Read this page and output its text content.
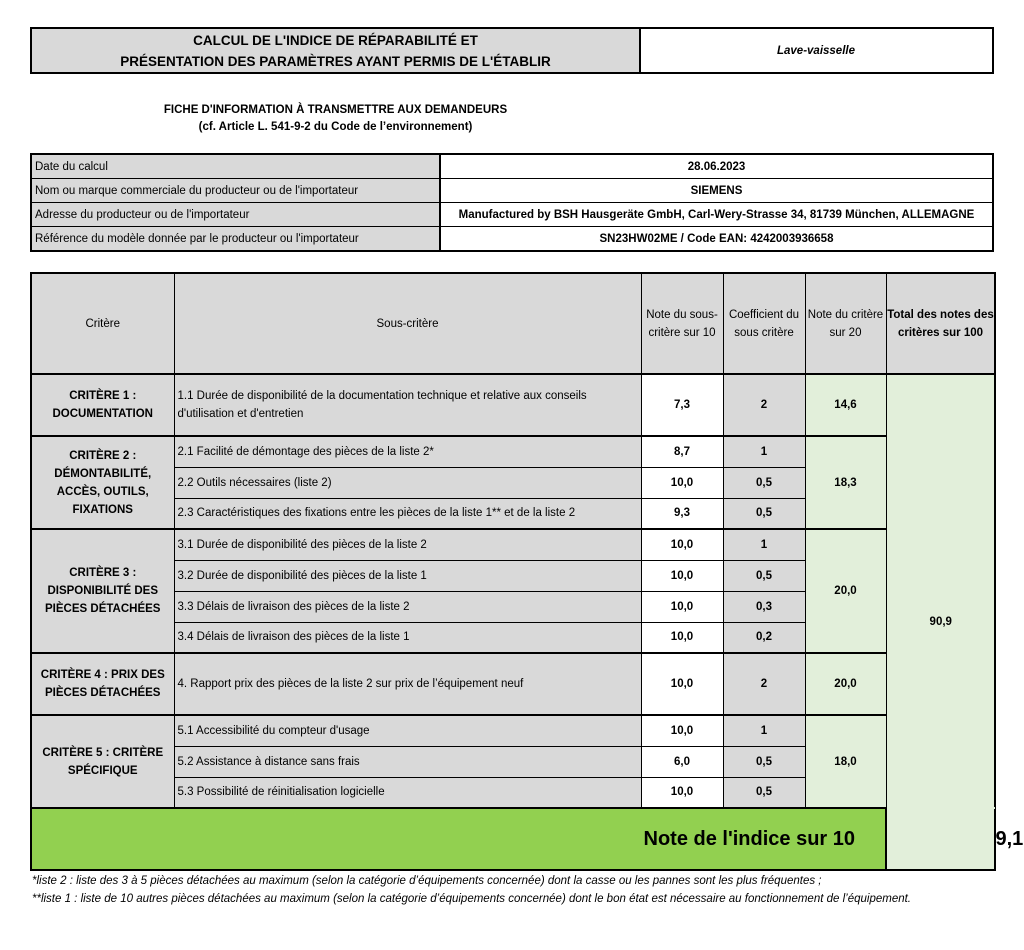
CALCUL DE L'INDICE DE RÉPARABILITÉ ET
PRÉSENTATION DES PARAMÈTRES AYANT PERMIS DE L'ÉTABLIR
Lave-vaisselle
FICHE D'INFORMATION À TRANSMETTRE AUX DEMANDEURS
(cf. Article L. 541-9-2 du Code de l’environnement)
Date du calcul	28.06.2023
Nom ou marque commerciale du producteur ou de l'importateur	SIEMENS
Adresse du producteur ou de l'importateur	Manufactured by BSH Hausgeräte GmbH, Carl-Wery-Strasse 34, 81739 München, ALLEMAGNE
Référence du modèle donnée par le producteur ou l'importateur	SN23HW02ME / Code EAN: 4242003936658
Critère	Sous-critère	Note du sous-critère sur 10	Coefficient du sous critère	Note du critère sur 20	Total des notes des critères sur 100	
CRITÈRE 1 : DOCUMENTATION	1.1 Durée de disponibilité de la documentation technique et relative aux conseils d'utilisation et d'entretien	7,3	2	14,6	90,9	
CRITÈRE 2 : DÉMONTABILITÉ, ACCÈS, OUTILS, FIXATIONS	2.1 Facilité de démontage des pièces de la liste 2*	8,7	1	18,3		
	2.2 Outils nécessaires (liste 2)	10,0	0,5			
	2.3 Caractéristiques des fixations entre les pièces de la liste 1** et de la liste 2	9,3	0,5			
CRITÈRE 3 : DISPONIBILITÉ DES PIÈCES DÉTACHÉES	3.1 Durée de disponibilité des pièces de la liste 2	10,0	1	20,0		
	3.2 Durée de disponibilité des pièces de la liste 1	10,0	0,5			
	3.3 Délais de livraison des pièces de la liste 2	10,0	0,3			
	3.4 Délais de livraison des pièces de la liste 1	10,0	0,2			
CRITÈRE 4 : PRIX DES PIÈCES DÉTACHÉES	4. Rapport prix des pièces de la liste 2 sur prix de l’équipement neuf	10,0	2	20,0		
CRITÈRE 5 : CRITÈRE SPÉCIFIQUE	5.1 Accessibilité du compteur d'usage	10,0	1	18,0		
	5.2 Assistance à distance sans frais	6,0	0,5			
	5.3 Possibilité de réinitialisation logicielle	10,0	0,5			
Note de l'indice sur 10						9,1

*liste 2 : liste des 3 à 5 pièces détachées au maximum (selon la catégorie d’équipements concernée) dont la casse ou les pannes sont les plus fréquentes ;

**liste 1 : liste de 10 autres pièces détachées au maximum (selon la catégorie d’équipements concernée) dont le bon état est nécessaire au fonctionnement de l’équipement.
